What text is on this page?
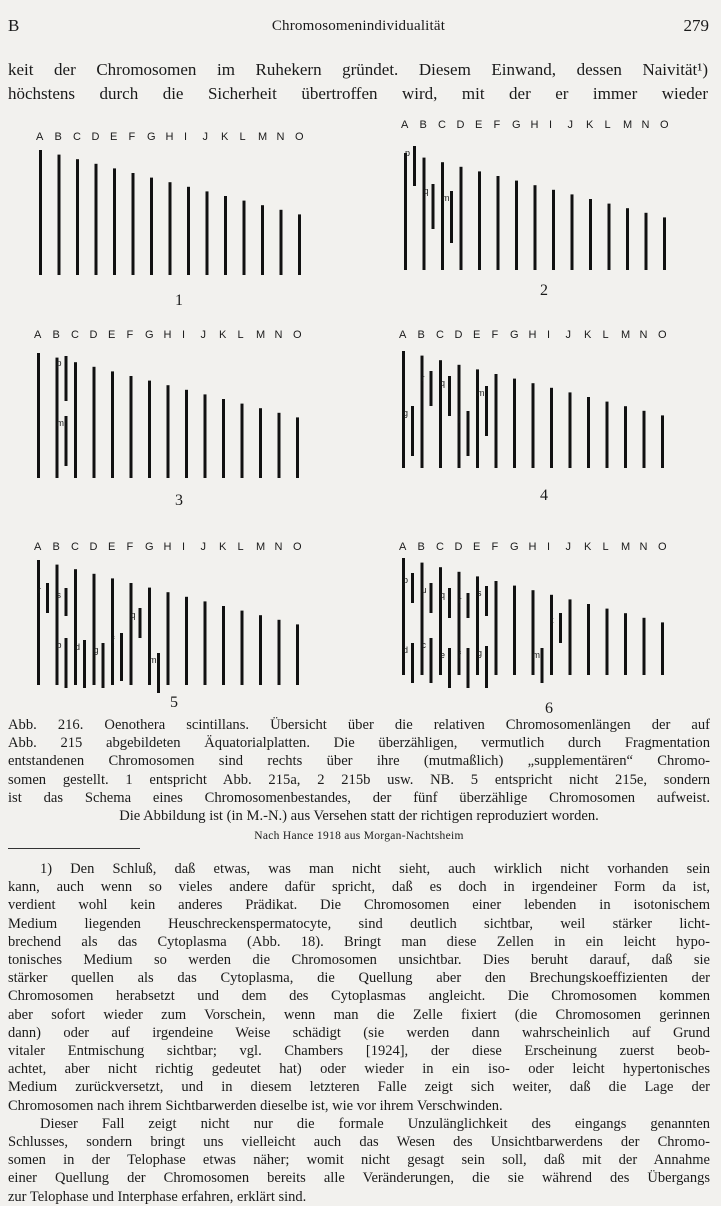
B	Chromosomenindividualität	279
keit der Chromosomen im Ruhekern gründet. Diesem Einwand, dessen Naivität¹)
höchstens durch die Sicherheit übertroffen wird, mit der er immer wieder
A B C D E F G H I J K L M N O
1
A B C D E F G H I J K L M N O
p
q
m
2
A B C D E F G H I J K L M N O
p
m
3
A B C D E F G H I J K L M N O
g
r q
j
m
4
A B C D E F G H I J K L M N O
r s
b d g
f
q
m
5
A B C D E F G H I J K L M N O
p
u q r
s
d c
e f g
t
m
6
Abb. 216. Oenothera scintillans. Übersicht über die relativen Chromosomenlängen der auf
Abb. 215 abgebildeten Äquatorialplatten. Die überzähligen, vermutlich durch Fragmentation
entstandenen Chromosomen sind rechts über ihre (mutmaßlich) „supplementären“ Chromo-
somen gestellt. 1 entspricht Abb. 215a, 2 215b usw. NB. 5 entspricht nicht 215e, sondern
ist das Schema eines Chromosomenbestandes, der fünf überzählige Chromosomen aufweist.
Die Abbildung ist (in M.-N.) aus Versehen statt der richtigen reproduziert worden.
Nach Hance 1918 aus Morgan-Nachtsheim
1) Den Schluß, daß etwas, was man nicht sieht, auch wirklich nicht vorhanden sein
kann, auch wenn so vieles andere dafür spricht, daß es doch in irgendeiner Form da ist,
verdient wohl kein anderes Prädikat. Die Chromosomen einer lebenden in isotonischem
Medium liegenden Heuschreckenspermatocyte, sind deutlich sichtbar, weil stärker licht-
brechend als das Cytoplasma (Abb. 18). Bringt man diese Zellen in ein leicht hypo-
tonisches Medium so werden die Chromosomen unsichtbar. Dies beruht darauf, daß sie
stärker quellen als das Cytoplasma, die Quellung aber den Brechungskoeffizienten der
Chromosomen herabsetzt und dem des Cytoplasmas angleicht. Die Chromosomen kommen
aber sofort wieder zum Vorschein, wenn man die Zelle fixiert (die Chromosomen gerinnen
dann) oder auf irgendeine Weise schädigt (sie werden dann wahrscheinlich auf Grund
vitaler Entmischung sichtbar; vgl. Chambers [1924], der diese Erscheinung zuerst beob-
achtet, aber nicht richtig gedeutet hat) oder wieder in ein iso- oder leicht hypertonisches
Medium zurückversetzt, und in diesem letzteren Falle zeigt sich weiter, daß die Lage der
Chromosomen nach ihrem Sichtbarwerden dieselbe ist, wie vor ihrem Verschwinden.
Dieser Fall zeigt nicht nur die formale Unzulänglichkeit des eingangs genannten
Schlusses, sondern bringt uns vielleicht auch das Wesen des Unsichtbarwerdens der Chromo-
somen in der Telophase etwas näher; womit nicht gesagt sein soll, daß mit der Annahme
einer Quellung der Chromosomen bereits alle Veränderungen, die sie während des Übergangs
zur Telophase und Interphase erfahren, erklärt sind.
